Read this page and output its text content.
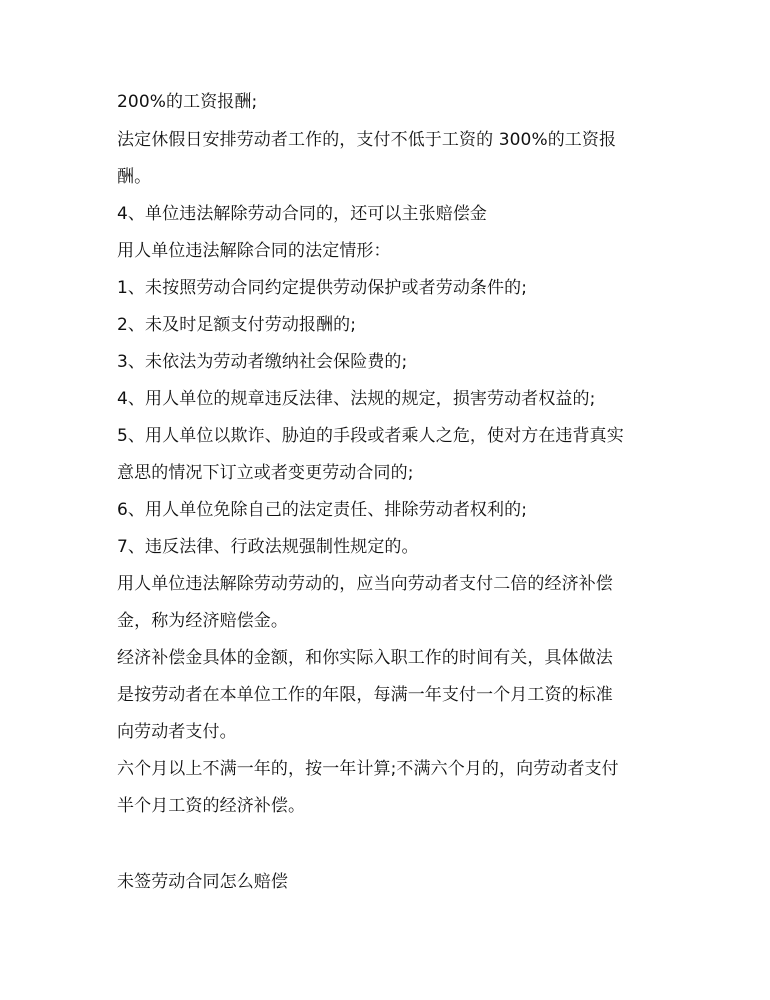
200%的工资报酬;
法定休假日安排劳动者工作的，支付不低于工资的 300%的工资报
酬。
4、单位违法解除劳动合同的，还可以主张赔偿金
用人单位违法解除合同的法定情形：
1、未按照劳动合同约定提供劳动保护或者劳动条件的;
2、未及时足额支付劳动报酬的;
3、未依法为劳动者缴纳社会保险费的;
4、用人单位的规章违反法律、法规的规定，损害劳动者权益的;
5、用人单位以欺诈、胁迫的手段或者乘人之危，使对方在违背真实
意思的情况下订立或者变更劳动合同的;
6、用人单位免除自己的法定责任、排除劳动者权利的;
7、违反法律、行政法规强制性规定的。
用人单位违法解除劳动劳动的，应当向劳动者支付二倍的经济补偿
金，称为经济赔偿金。
经济补偿金具体的金额，和你实际入职工作的时间有关，具体做法
是按劳动者在本单位工作的年限，每满一年支付一个月工资的标准
向劳动者支付。
六个月以上不满一年的，按一年计算;不满六个月的，向劳动者支付
半个月工资的经济补偿。
未签劳动合同怎么赔偿
